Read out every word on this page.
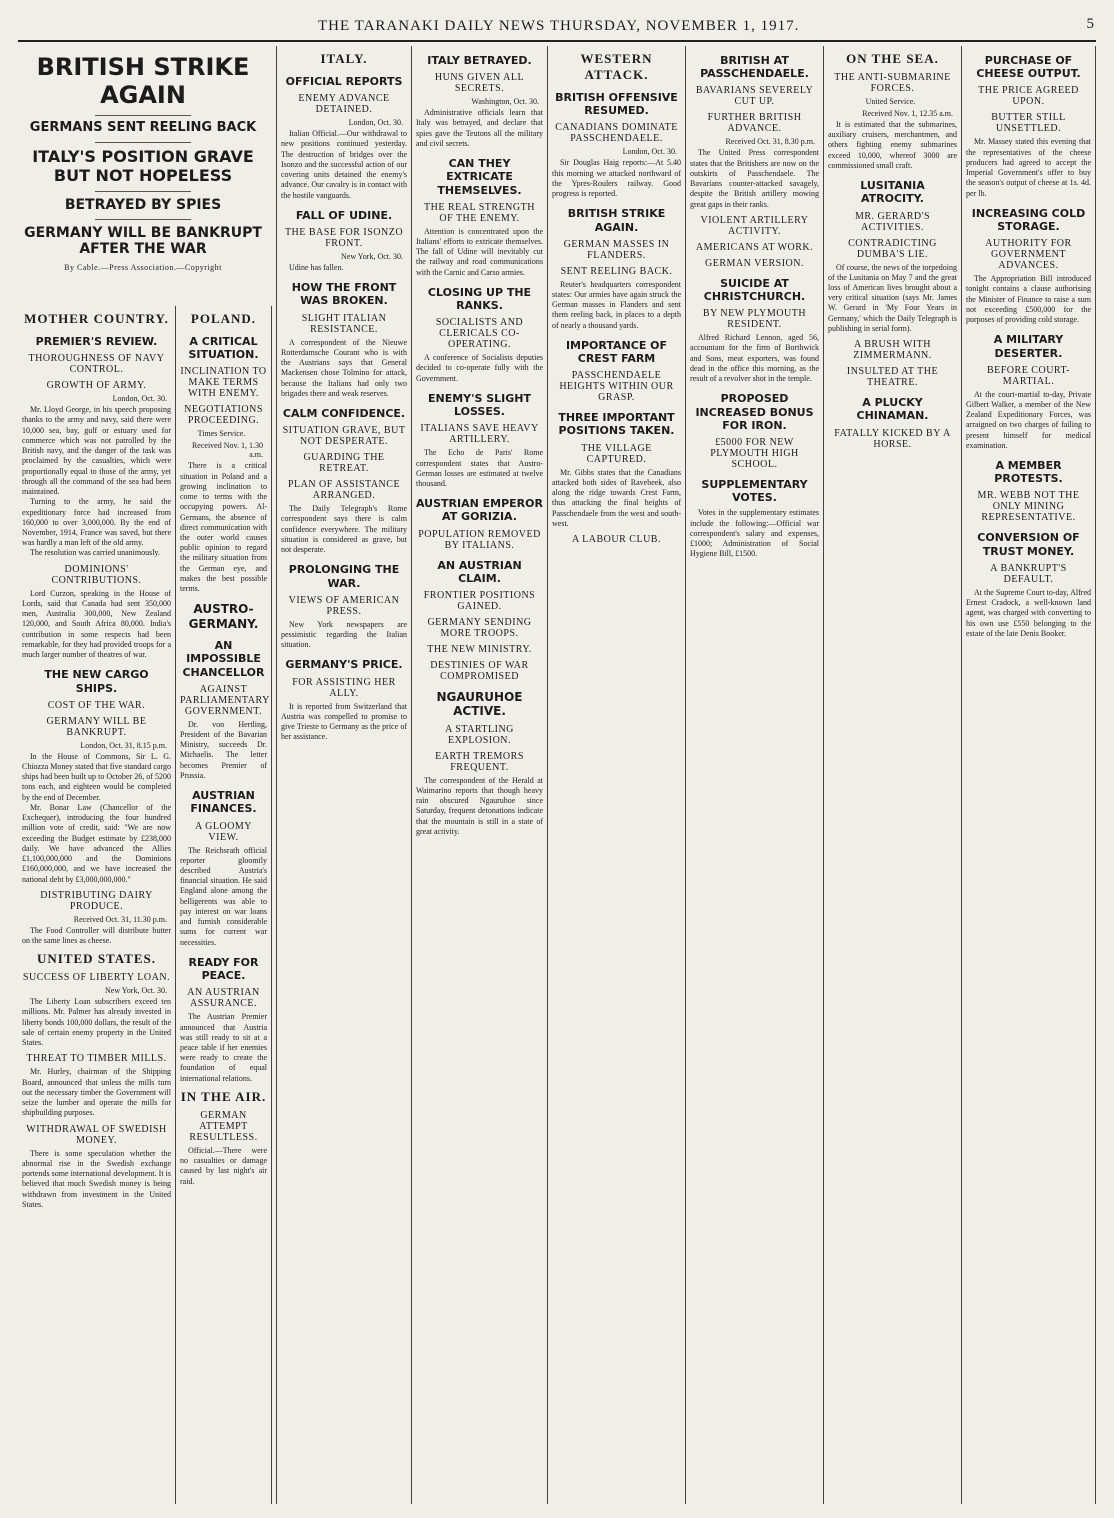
THE TARANAKI DAILY NEWS THURSDAY, NOVEMBER 1, 1917.	5
BRITISH STRIKE AGAIN
GERMANS SENT REELING BACK
ITALY'S POSITION GRAVE BUT NOT HOPELESS
BETRAYED BY SPIES
GERMANY WILL BE BANKRUPT AFTER THE WAR
By Cable.—Press Association.—Copyright
MOTHER COUNTRY.
PREMIER'S REVIEW.
THOROUGHNESS OF NAVY CONTROL.
GROWTH OF ARMY.
London, Oct. 30.
Mr. Lloyd George, in his speech proposing thanks to the army and navy, said there were 10,000 sea, bay, gulf or estuary used for commerce which was not patrolled by the British navy, and the danger of the task was proclaimed by the casualties, which were proportionally equal to those of the army, yet through all the command of the sea had been maintained.
Turning to the army, he said the expeditionary force had increased from 160,000 to over 3,000,000. By the end of November, 1914, France was saved, but there was hardly a man left of the old army.
The resolution was carried unanimously.
DOMINIONS' CONTRIBUTIONS.
Lord Curzon, speaking in the House of Lords, said that Canada had sent 350,000 men, Australia 300,000, New Zealand 120,000, and South Africa 80,000. India's contribution in some respects had been remarkable, for they had provided troops for a much larger number of theatres of war.
THE NEW CARGO SHIPS.
COST OF THE WAR.
GERMANY WILL BE BANKRUPT.
London, Oct. 31, 8.15 p.m.
In the House of Commons, Sir L. G. Chiozza Money stated that five standard cargo ships had been built up to October 26, of 5200 tons each, and eighteen would be completed by the end of December.
Mr. Bonar Law (Chancellor of the Exchequer), introducing the four hundred million vote of credit, said: "We are now exceeding the Budget estimate by £238,000 daily. We have advanced the Allies £1,100,000,000 and the Dominions £160,000,000, and we have increased the national debt by £3,000,000,000."
DISTRIBUTING DAIRY PRODUCE.
Received Oct. 31, 11.30 p.m.
The Food Controller will distribute butter on the same lines as cheese.
UNITED STATES.
SUCCESS OF LIBERTY LOAN.
New York, Oct. 30.
The Liberty Loan subscribers exceed ten millions. Mr. Palmer has already invested in liberty bonds 100,000 dollars, the result of the sale of certain enemy property in the United States.
THREAT TO TIMBER MILLS.
Mr. Hurley, chairman of the Shipping Board, announced that unless the mills turn out the necessary timber the Government will seize the lumber and operate the mills for shipbuilding purposes.
WITHDRAWAL OF SWEDISH MONEY.
There is some speculation whether the abnormal rise in the Swedish exchange portends some international development. It is believed that much Swedish money is being withdrawn from investment in the United States.
POLAND.
A CRITICAL SITUATION.
INCLINATION TO MAKE TERMS WITH ENEMY.
NEGOTIATIONS PROCEEDING.
Times Service.
Received Nov. 1, 1.30 a.m.
There is a critical situation in Poland and a growing inclination to come to terms with the occupying powers. Al-Germans, the absence of direct communication with the outer world causes public opinion to regard the military situation from the German eye, and makes the best possible terms.
AUSTRO-GERMANY.
AN IMPOSSIBLE CHANCELLOR
AGAINST PARLIAMENTARY GOVERNMENT.
Dr. von Hertling, President of the Bavarian Ministry, succeeds Dr. Michaelis. The letter becomes Premier of Prussia.
AUSTRIAN FINANCES.
A GLOOMY VIEW.
The Reichsrath official reporter gloomily described Austria's financial situation. He said England alone among the belligerents was able to pay interest on war loans and furnish considerable sums for current war necessities.
READY FOR PEACE.
AN AUSTRIAN ASSURANCE.
The Austrian Premier announced that Austria was still ready to sit at a peace table if her enemies were ready to create the foundation of equal international relations.
IN THE AIR.
GERMAN ATTEMPT RESULTLESS.
Official.—There were no casualties or damage caused by last night's air raid.
ITALY.
OFFICIAL REPORTS
ENEMY ADVANCE DETAINED.
London, Oct. 30.
Italian Official.—Our withdrawal to new positions continued yesterday. The destruction of bridges over the Isonzo and the successful action of our covering units detained the enemy's advance. Our cavalry is in contact with the hostile vanguards.
FALL OF UDINE.
THE BASE FOR ISONZO FRONT.
New York, Oct. 30.
Udine has fallen.
HOW THE FRONT WAS BROKEN.
SLIGHT ITALIAN RESISTANCE.
A correspondent of the Nieuwe Rotterdamsche Courant who is with the Austrians says that General Mackensen chose Tolmino for attack, because the Italians had only two brigades there and weak reserves.
CALM CONFIDENCE.
SITUATION GRAVE, BUT NOT DESPERATE.
GUARDING THE RETREAT.
PLAN OF ASSISTANCE ARRANGED.
The Daily Telegraph's Rome correspondent says there is calm confidence everywhere. The military situation is considered as grave, but not desperate.
PROLONGING THE WAR.
VIEWS OF AMERICAN PRESS.
New York newspapers are pessimistic regarding the Italian situation.
GERMANY'S PRICE.
FOR ASSISTING HER ALLY.
It is reported from Switzerland that Austria was compelled to promise to give Trieste to Germany as the price of her assistance.
ITALY BETRAYED.
HUNS GIVEN ALL SECRETS.
Washington, Oct. 30.
Administrative officials learn that Italy was betrayed, and declare that spies gave the Teutons all the military and civil secrets.
CAN THEY EXTRICATE THEMSELVES.
THE REAL STRENGTH OF THE ENEMY.
Attention is concentrated upon the Italians' efforts to extricate themselves. The fall of Udine will inevitably cut the railway and road communications with the Carnic and Carso armies.
CLOSING UP THE RANKS.
SOCIALISTS AND CLERICALS CO-OPERATING.
A conference of Socialists deputies decided to co-operate fully with the Government.
ENEMY'S SLIGHT LOSSES.
ITALIANS SAVE HEAVY ARTILLERY.
The Echo de Paris' Rome correspondent states that Austro-German losses are estimated at twelve thousand.
AUSTRIAN EMPEROR AT GORIZIA.
POPULATION REMOVED BY ITALIANS.
AN AUSTRIAN CLAIM.
FRONTIER POSITIONS GAINED.
GERMANY SENDING MORE TROOPS.
THE NEW MINISTRY.
DESTINIES OF WAR COMPROMISED
NGAURUHOE ACTIVE.
A STARTLING EXPLOSION.
EARTH TREMORS FREQUENT.
The correspondent of the Herald at Waimarino reports that though heavy rain obscured Ngauruhoe since Saturday, frequent detonations indicate that the mountain is still in a state of great activity.
WESTERN ATTACK.
BRITISH OFFENSIVE RESUMED.
CANADIANS DOMINATE PASSCHENDAELE.
London, Oct. 30.
Sir Douglas Haig reports:—At 5.40 this morning we attacked northward of the Ypres-Roulers railway. Good progress is reported.
BRITISH STRIKE AGAIN.
GERMAN MASSES IN FLANDERS.
SENT REELING BACK.
Reuter's headquarters correspondent states: Our armies have again struck the German masses in Flanders and sent them reeling back, in places to a depth of nearly a thousand yards.
IMPORTANCE OF CREST FARM
PASSCHENDAELE HEIGHTS WITHIN OUR GRASP.
THREE IMPORTANT POSITIONS TAKEN.
THE VILLAGE CAPTURED.
Mr. Gibbs states that the Canadians attacked both sides of Ravebeek, also along the ridge towards Crest Farm, thus attacking the final heights of Passchendaele from the west and south-west.
A LABOUR CLUB.
BRITISH AT PASSCHENDAELE.
BAVARIANS SEVERELY CUT UP.
FURTHER BRITISH ADVANCE.
Received Oct. 31, 8.30 p.m.
The United Press correspondent states that the Britishers are now on the outskirts of Passchendaele. The Bavarians counter-attacked savagely, despite the British artillery mowing great gaps in their ranks.
VIOLENT ARTILLERY ACTIVITY.
AMERICANS AT WORK.
GERMAN VERSION.
SUICIDE AT CHRISTCHURCH.
BY NEW PLYMOUTH RESIDENT.
Alfred Richard Lennon, aged 56, accountant for the firm of Borthwick and Sons, meat exporters, was found dead in the office this morning, as the result of a revolver shot in the temple.
PROPOSED INCREASED BONUS FOR IRON.
£5000 FOR NEW PLYMOUTH HIGH SCHOOL.
SUPPLEMENTARY VOTES.
Votes in the supplementary estimates include the following:—Official war correspondent's salary and expenses, £1000; Administration of Social Hygiene Bill, £1500.
ON THE SEA.
THE ANTI-SUBMARINE FORCES.
United Service.
Received Nov. 1, 12.35 a.m.
It is estimated that the submarines, auxiliary cruisers, merchantmen, and others fighting enemy submarines exceed 10,000, whereof 3000 are commissioned small craft.
LUSITANIA ATROCITY.
MR. GERARD'S ACTIVITIES.
CONTRADICTING DUMBA'S LIE.
Of course, the news of the torpedoing of the Lusitania on May 7 and the great loss of American lives brought about a very critical situation (says Mr. James W. Gerard in 'My Four Years in Germany,' which the Daily Telegraph is publishing in serial form).
A BRUSH WITH ZIMMERMANN.
INSULTED AT THE THEATRE.
A PLUCKY CHINAMAN.
FATALLY KICKED BY A HORSE.
PURCHASE OF CHEESE OUTPUT.
THE PRICE AGREED UPON.
BUTTER STILL UNSETTLED.
Mr. Massey stated this evening that the representatives of the cheese producers had agreed to accept the Imperial Government's offer to buy the season's output of cheese at 1s. 4d. per lb.
INCREASING COLD STORAGE.
AUTHORITY FOR GOVERNMENT ADVANCES.
The Appropriation Bill introduced tonight contains a clause authorising the Minister of Finance to raise a sum not exceeding £500,000 for the purposes of providing cold storage.
A MILITARY DESERTER.
BEFORE COURT-MARTIAL.
At the court-martial to-day, Private Gilbert Walker, a member of the New Zealand Expeditionary Forces, was arraigned on two charges of failing to present himself for medical examination.
A MEMBER PROTESTS.
MR. WEBB NOT THE ONLY MINING REPRESENTATIVE.
CONVERSION OF TRUST MONEY.
A BANKRUPT'S DEFAULT.
At the Supreme Court to-day, Alfred Ernest Cradock, a well-known land agent, was charged with converting to his own use £550 belonging to the estate of the late Denis Booker.
